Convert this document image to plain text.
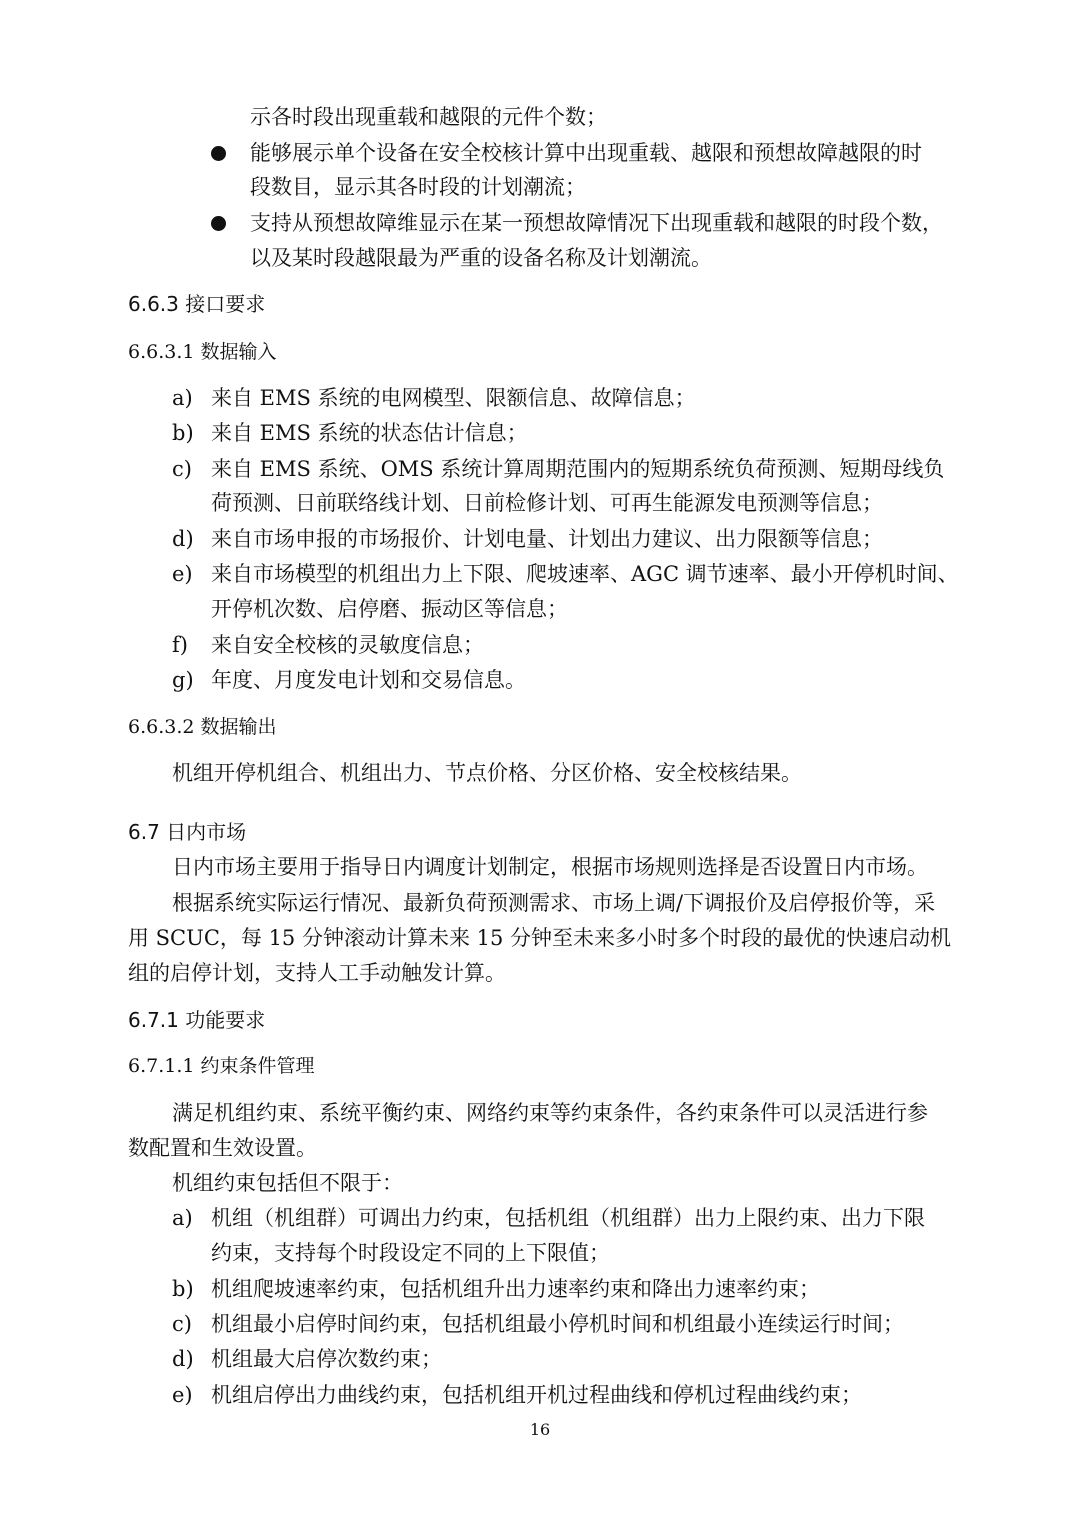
示各时段出现重载和越限的元件个数；
能够展示单个设备在安全校核计算中出现重载、越限和预想故障越限的时
段数目，显示其各时段的计划潮流；
支持从预想故障维显示在某一预想故障情况下出现重载和越限的时段个数，
以及某时段越限最为严重的设备名称及计划潮流。
6.6.3 接口要求
6.6.3.1 数据输入
a) 来自 EMS 系统的电网模型、限额信息、故障信息；
b) 来自 EMS 系统的状态估计信息；
c) 来自 EMS 系统、OMS 系统计算周期范围内的短期系统负荷预测、短期母线负
荷预测、日前联络线计划、日前检修计划、可再生能源发电预测等信息；
d) 来自市场申报的市场报价、计划电量、计划出力建议、出力限额等信息；
e) 来自市场模型的机组出力上下限、爬坡速率、AGC 调节速率、最小开停机时间、
开停机次数、启停磨、振动区等信息；
f) 来自安全校核的灵敏度信息；
g) 年度、月度发电计划和交易信息。
6.6.3.2 数据输出
机组开停机组合、机组出力、节点价格、分区价格、安全校核结果。
6.7 日内市场
日内市场主要用于指导日内调度计划制定，根据市场规则选择是否设置日内市场。
根据系统实际运行情况、最新负荷预测需求、市场上调/下调报价及启停报价等，采
用 SCUC，每 15 分钟滚动计算未来 15 分钟至未来多小时多个时段的最优的快速启动机
组的启停计划，支持人工手动触发计算。
6.7.1 功能要求
6.7.1.1 约束条件管理
满足机组约束、系统平衡约束、网络约束等约束条件，各约束条件可以灵活进行参
数配置和生效设置。
机组约束包括但不限于：
a) 机组（机组群）可调出力约束，包括机组（机组群）出力上限约束、出力下限
约束，支持每个时段设定不同的上下限值；
b) 机组爬坡速率约束，包括机组升出力速率约束和降出力速率约束；
c) 机组最小启停时间约束，包括机组最小停机时间和机组最小连续运行时间；
d) 机组最大启停次数约束；
e) 机组启停出力曲线约束，包括机组开机过程曲线和停机过程曲线约束；
16
